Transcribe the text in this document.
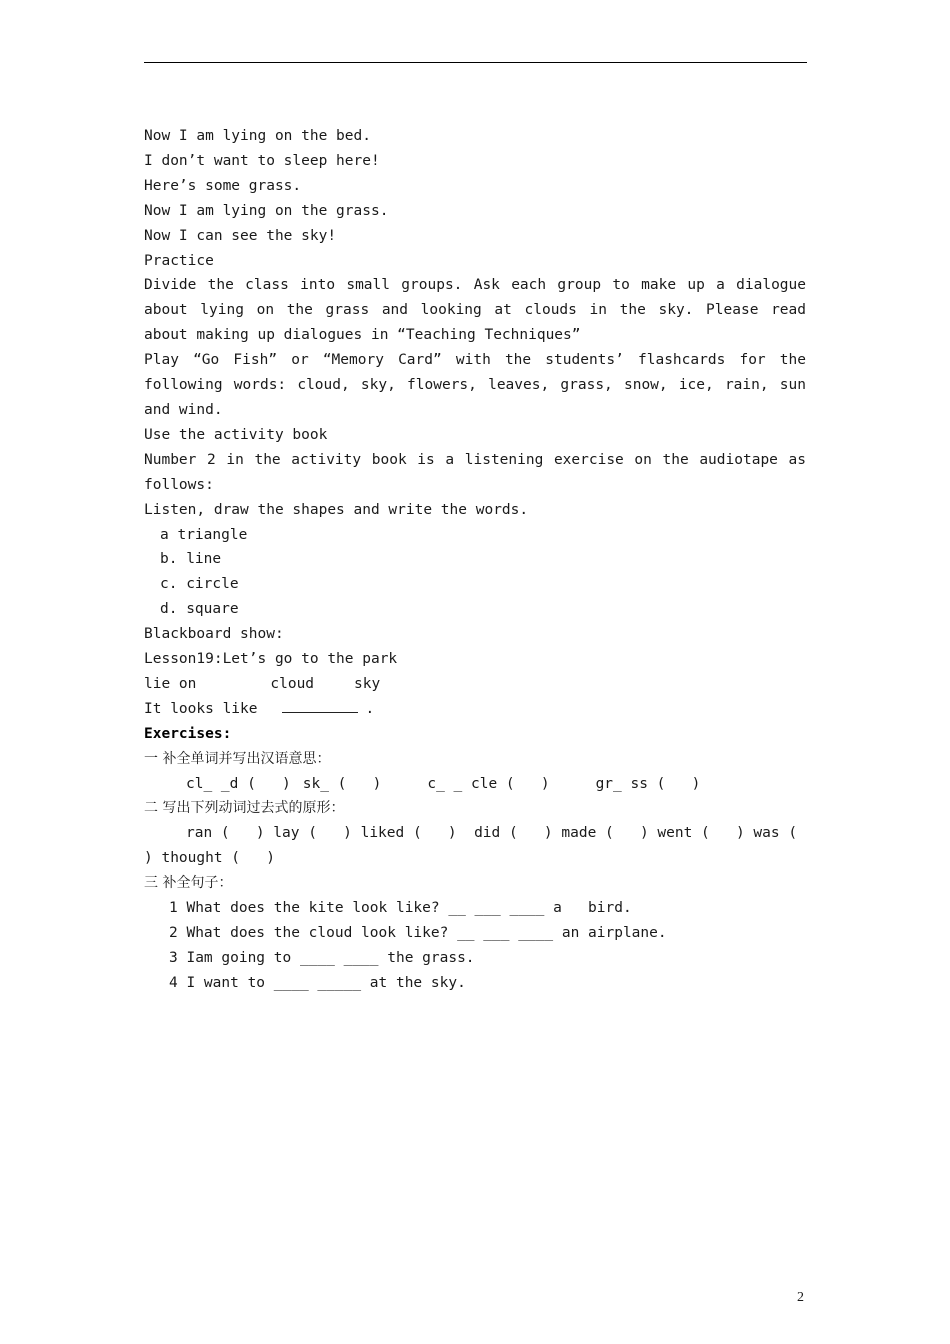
Now I am lying on the bed.
I don’t want to sleep here!
Here’s some grass.
Now I am lying on the grass.
Now I can see the sky!
Practice
Divide the class into small groups. Ask each group to make up a dialogue about lying on the grass and looking at clouds in the sky. Please read about making up dialogues in “Teaching Techniques”
Play “Go Fish” or “Memory Card” with the students’ flashcards for the following words: cloud, sky, flowers, leaves, grass, snow, ice, rain, sun and wind.
Use the activity book
Number 2 in the activity book is a listening exercise on the audiotape as follows:
Listen, draw the shapes and write the words.
a triangle
b. line
c. circle
d. square
Blackboard show:
Lesson19:Let’s go to the park
lie on	cloud	sky
It looks like	.
Exercises:
一 补全单词并写出汉语意思：
cl_ _d (   ) sk_ (   )	c_ _ cle (   )	gr_ ss (   )
二 写出下列动词过去式的原形：
ran (   ) lay (   ) liked (   )  did (   ) made (   ) went (   ) was (
) thought (   )
三 补全句子：
1 What does the kite look like? __ ___ ____ a   bird.
2 What does the cloud look like? __ ___ ____ an airplane.
3 Iam going to ____ ____ the grass.
4 I want to ____ _____ at the sky.
2
